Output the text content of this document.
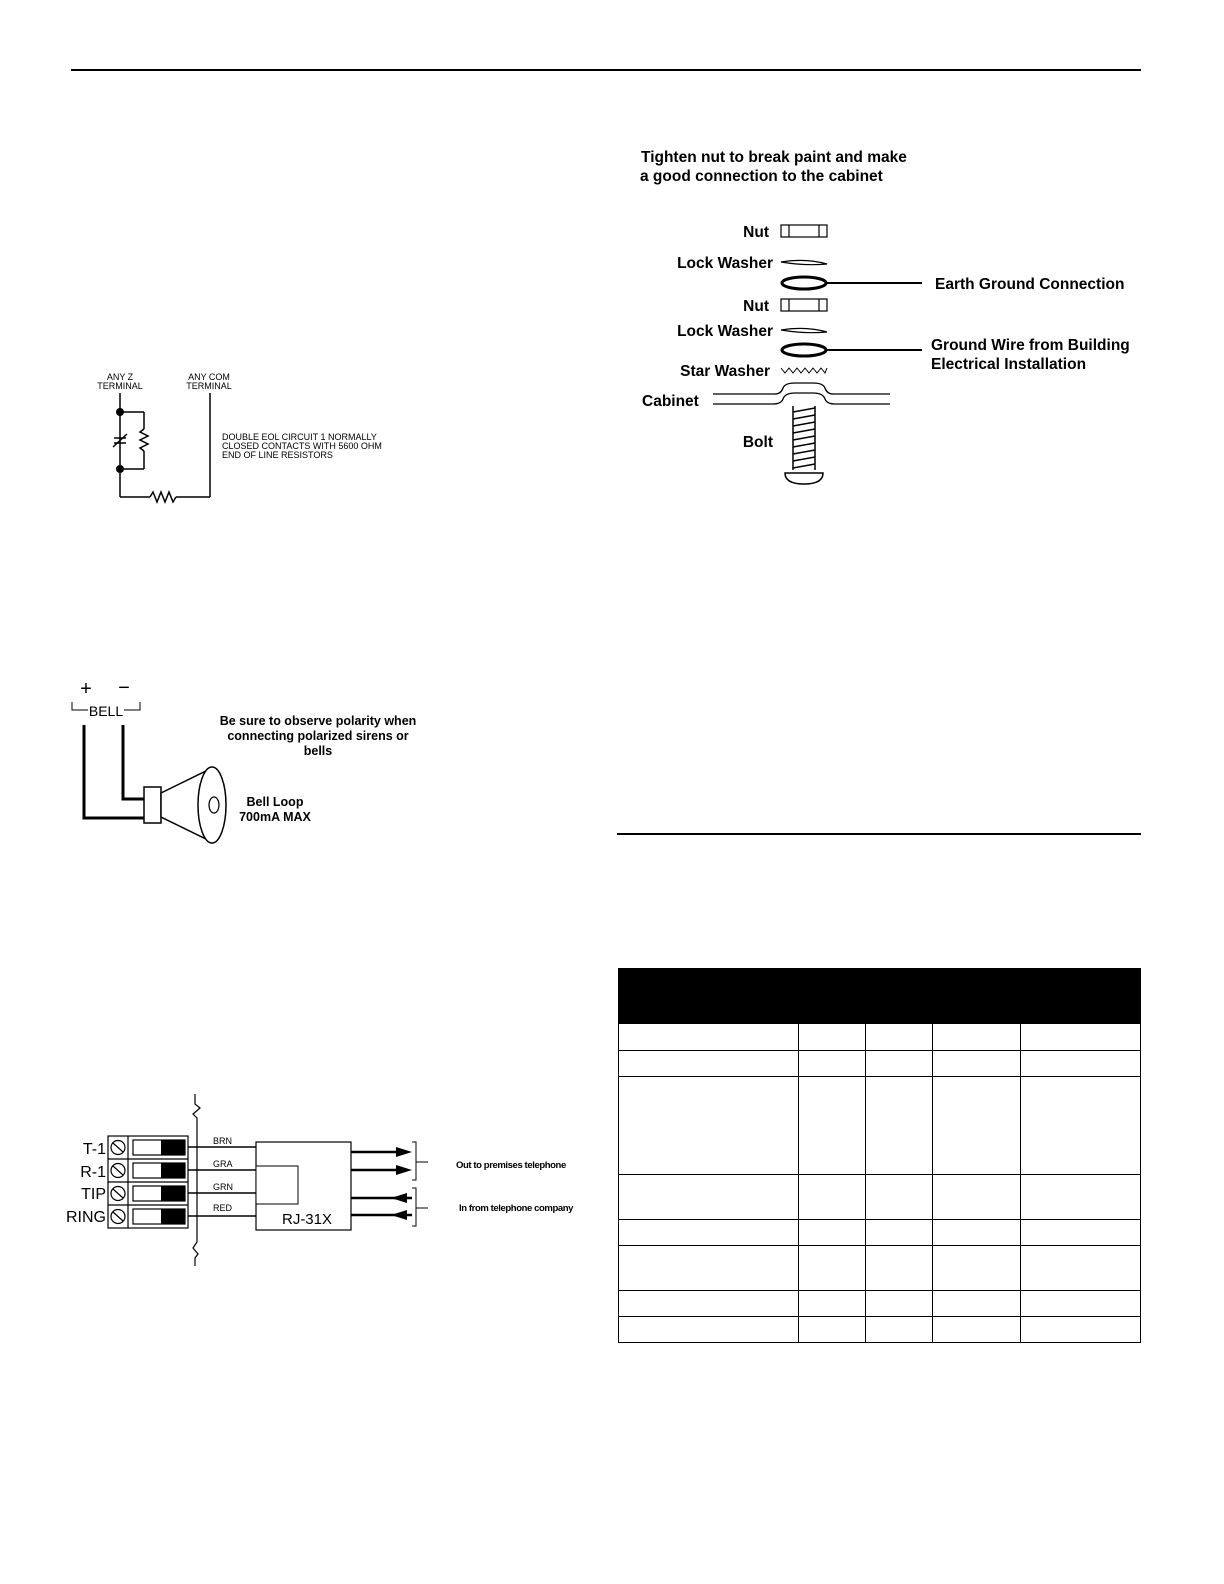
ANY Z
TERMINAL
ANY COM
TERMINAL
DOUBLE EOL CIRCUIT 1 NORMALLY
CLOSED CONTACTS WITH 5600 OHM
END OF LINE RESISTORS
+ −
BELL
Be sure to observe polarity when
connecting polarized sirens or
bells
Bell Loop
700mA MAX
T-1
R-1
TIP
RING
BRN
GRA
GRN
RED
RJ-31X
Out to premises telephone
In from telephone company
Tighten nut to break paint and make
a good connection to the cabinet
Nut
Lock Washer
Earth Ground Connection
Nut
Lock Washer
Ground Wire from Building
Electrical Installation
Star Washer
Cabinet
Bolt
